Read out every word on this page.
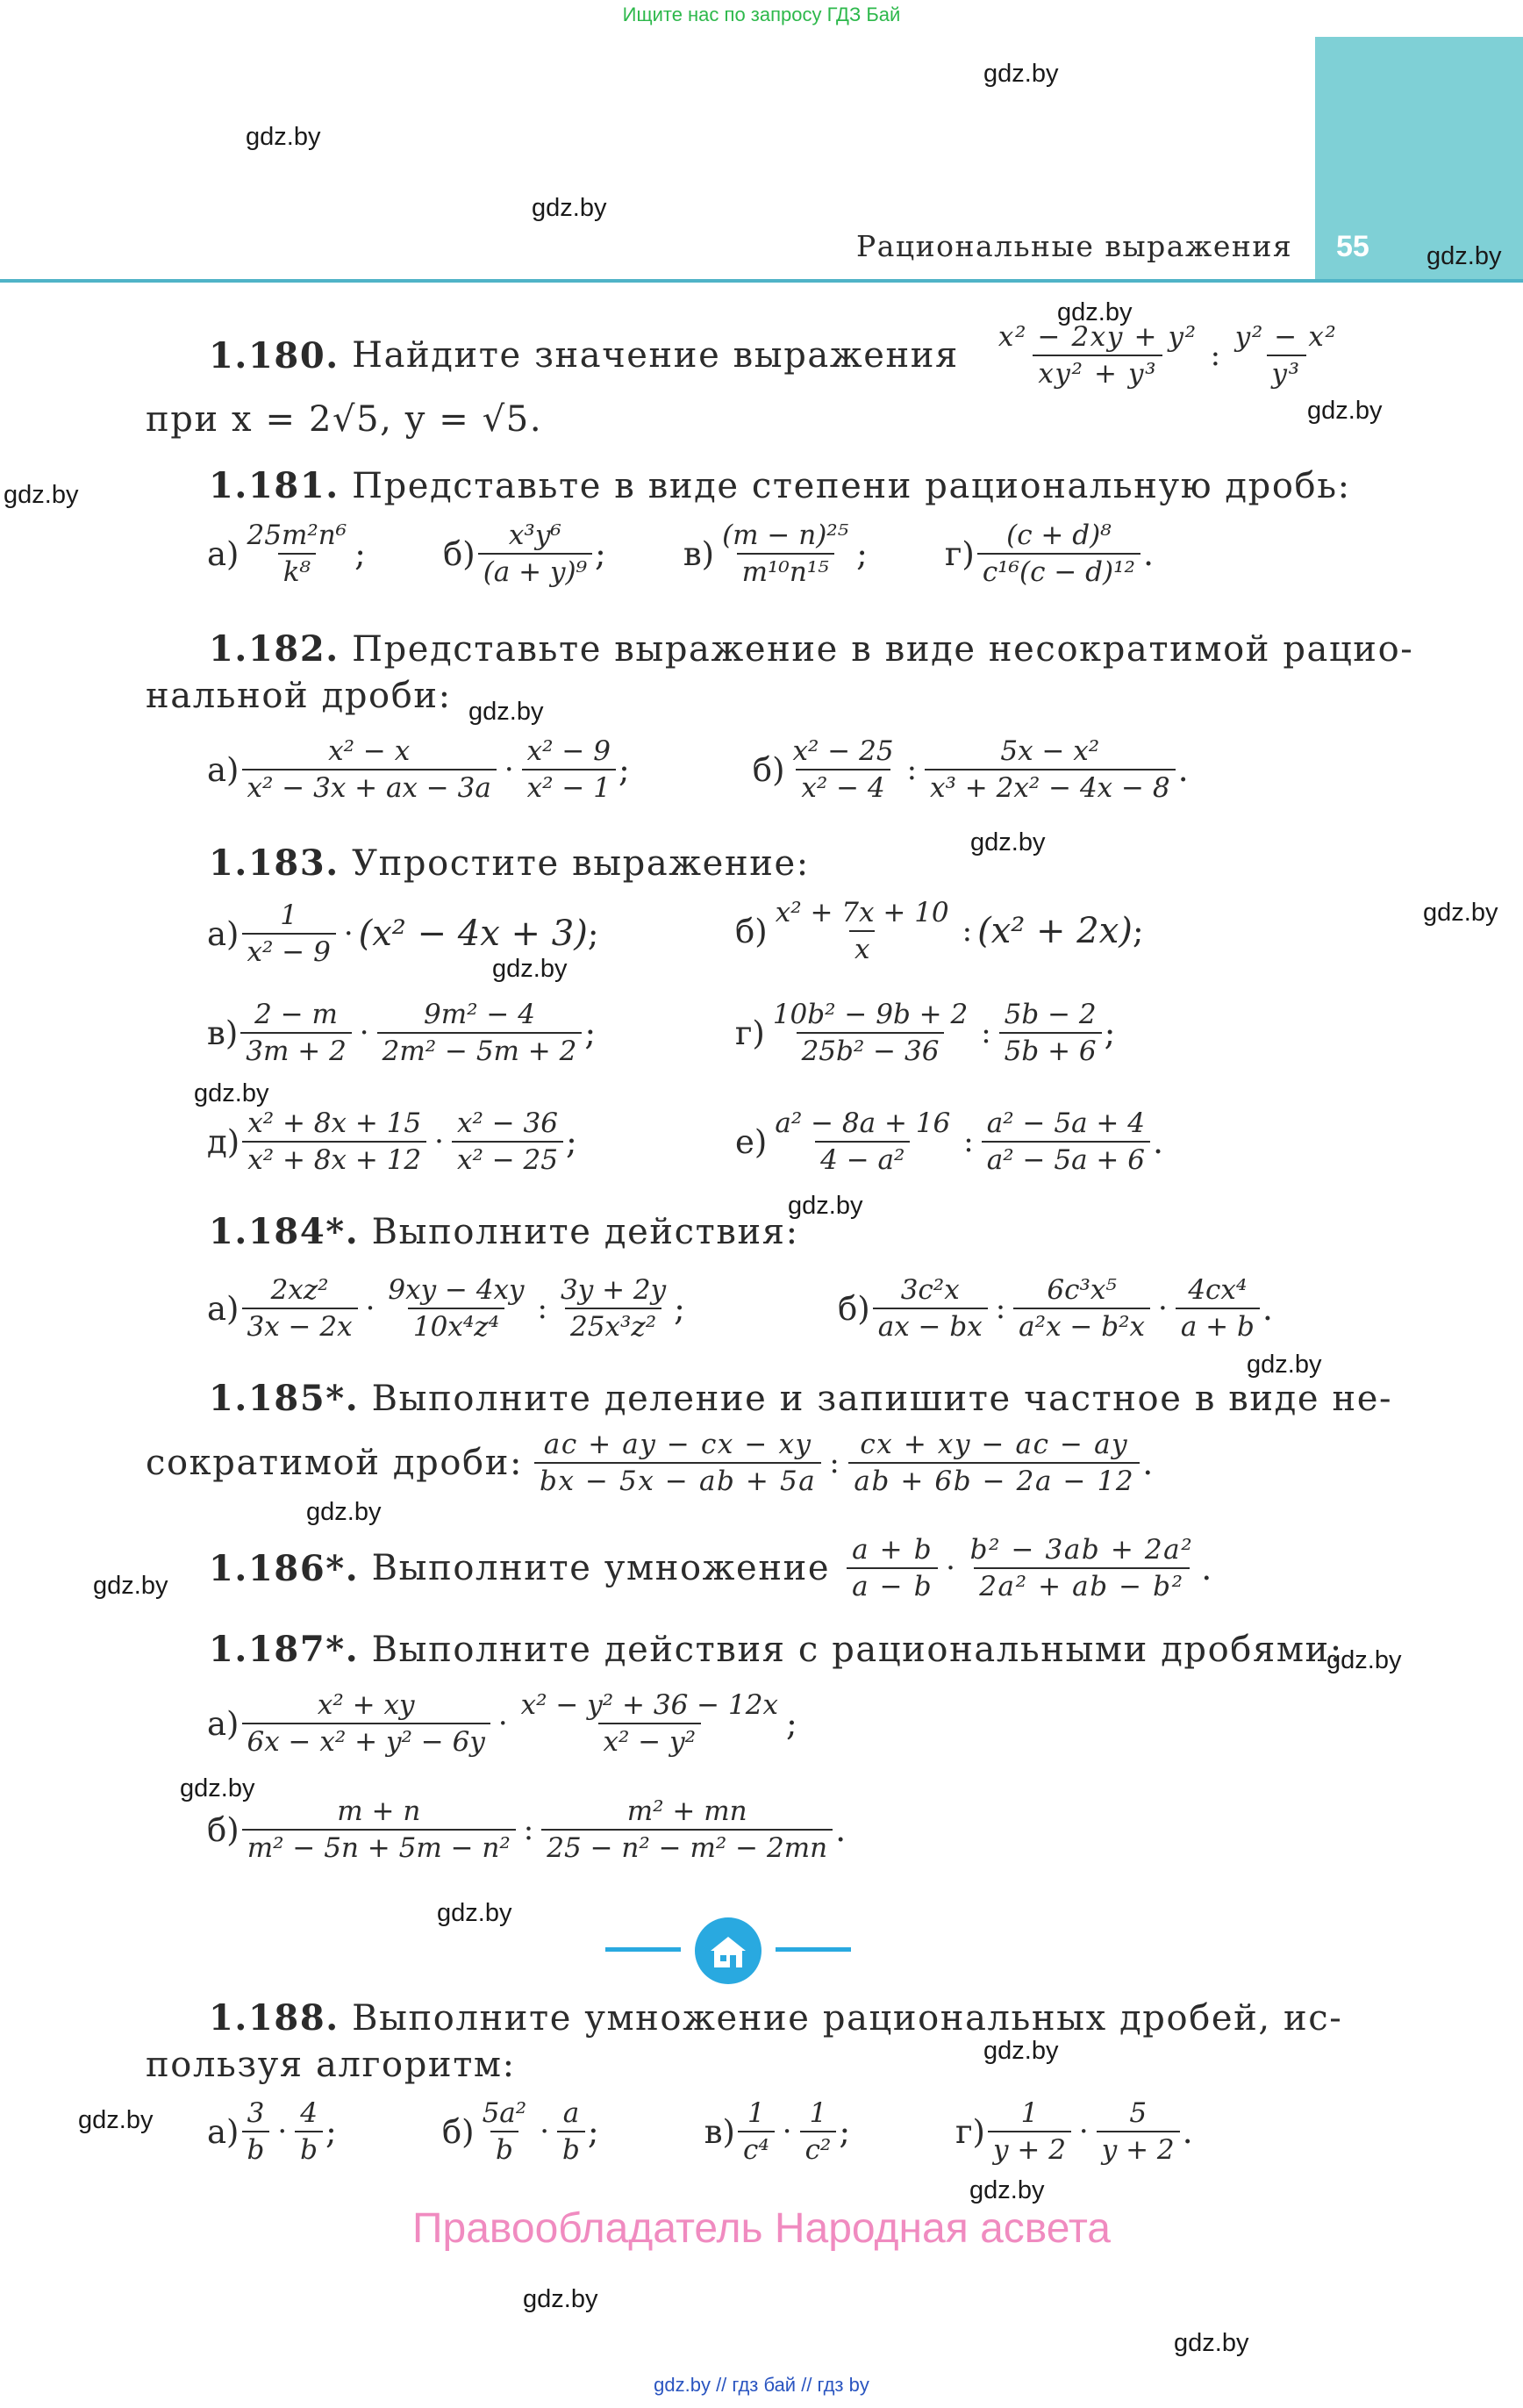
Ищите нас по запросу ГДЗ Бай
55
Рациональные выражения
gdz.by
gdz.by
gdz.by
gdz.by
gdz.by
gdz.by
gdz.by
gdz.by
gdz.by
gdz.by
gdz.by
gdz.by
gdz.by
gdz.by
gdz.by
gdz.by
gdz.by
gdz.by
gdz.by
gdz.by
gdz.by
gdz.by
gdz.by
gdz.by
1.180.
Найдите значение выражения $\frac{\text{x² − 2xy + y²}}{\text{xy² + y³}}$ : $\frac{\text{y² − x²}}{\text{y³}}$
при x = 2√5, y = √5.
1.181.
Представьте в виде степени рациональную дробь:
$а) \frac{\text{25m²n⁶}}{\text{k⁸}}$ ; $б) \frac{\text{x³y⁶}}{\text{(a + y)⁹}}$ ; $в) \frac{\text{(m − n)²⁵}}{\text{m¹⁰n¹⁵}}$ ; $г) \frac{\text{(c + d)⁸}}{\text{c¹⁶(c − d)¹²}}$ .
1.182.
Представьте выражение в виде несократимой рацио-
нальной дроби:
$а) \frac{\text{x² − x}}{\text{x² − 3x + ax − 3a}} \cdot \frac{\text{x² − 9}}{\text{x² − 1}}$ ;	$б) \frac{\text{x² − 25}}{\text{x² − 4}}$ : $\frac{\text{5x − x²}}{\text{x³ + 2x² − 4x − 8}}$ .
1.183.
Упростите выражение:
$а) \frac{1}{\text{x² − 9}} \cdot (x^2 - 4x + 3)$ ;	$б) \frac{\text{x² + 7x + 10}}{x}$ : (x² + 2x) ;
$в) \frac{2 - m}{3m + 2} \cdot \frac{\text{9m² − 4}}{\text{2m² − 5m + 2}}$ ;	$г) \frac{\text{10b² − 9b + 2}}{\text{25b² − 36}}$ : $\frac{5b - 2}{5b + 6}$ ;
$д) \frac{\text{x² + 8x + 15}}{\text{x² + 8x + 12}} \cdot \frac{\text{x² − 36}}{\text{x² − 25}}$ ;	$е) \frac{\text{a² − 8a + 16}}{\text{4 − a²}}$ : $\frac{\text{a² − 5a + 4}}{\text{a² − 5a + 6}}$ .
1.184*.
Выполните действия:
$а) \frac{\text{2xz²}}{3x - 2x} \cdot \frac{9xy - 4xy}{\text{10x⁴z⁴}}$ : $\frac{3y + 2y}{\text{25x³z²}}$ ;	$б) \frac{\text{3c²x}}{ax - bx}$ : $\frac{\text{6c³x⁵}}{\text{a²x − b²x}} \cdot \frac{\text{4cx⁴}}{a + b}$ .
1.185*.
Выполните деление и запишите частное в виде не-
сократимой дроби: $\frac{ac + ay - cx - xy}{bx - 5x - ab + 5a}$ : $\frac{cx + xy - ac - ay}{ab + 6b - 2a - 12}$ .
1.186*.
Выполните умножение $\frac{a + b}{a - b} \cdot \frac{\text{b² − 3ab + 2a²}}{\text{2a² + ab − b²}}$ .
1.187*.
Выполните действия с рациональными дробями:
$а) \frac{\text{x² + xy}}{\text{6x − x² + y² − 6y}} \cdot \frac{\text{x² − y² + 36 − 12x}}{\text{x² − y²}}$ ;
$б) \frac{m + n}{\text{m² − 5n + 5m − n²}}$ : $\frac{\text{m² + mn}}{\text{25 − n² − m² − 2mn}}$ .
1.188.
Выполните умножение рациональных дробей, ис-
пользуя алгоритм:
$а) \frac{3}{b} \cdot \frac{4}{b}$ ;	$б) \frac{\text{5a²}}{b} \cdot \frac{a}{b}$ ;	$в) \frac{1}{\text{c⁴}} \cdot \frac{1}{\text{c²}}$ ;	$г) \frac{1}{y + 2} \cdot \frac{5}{y + 2}$ .
Правообладатель Народная асвета
gdz.by // гдз бай // гдз by
